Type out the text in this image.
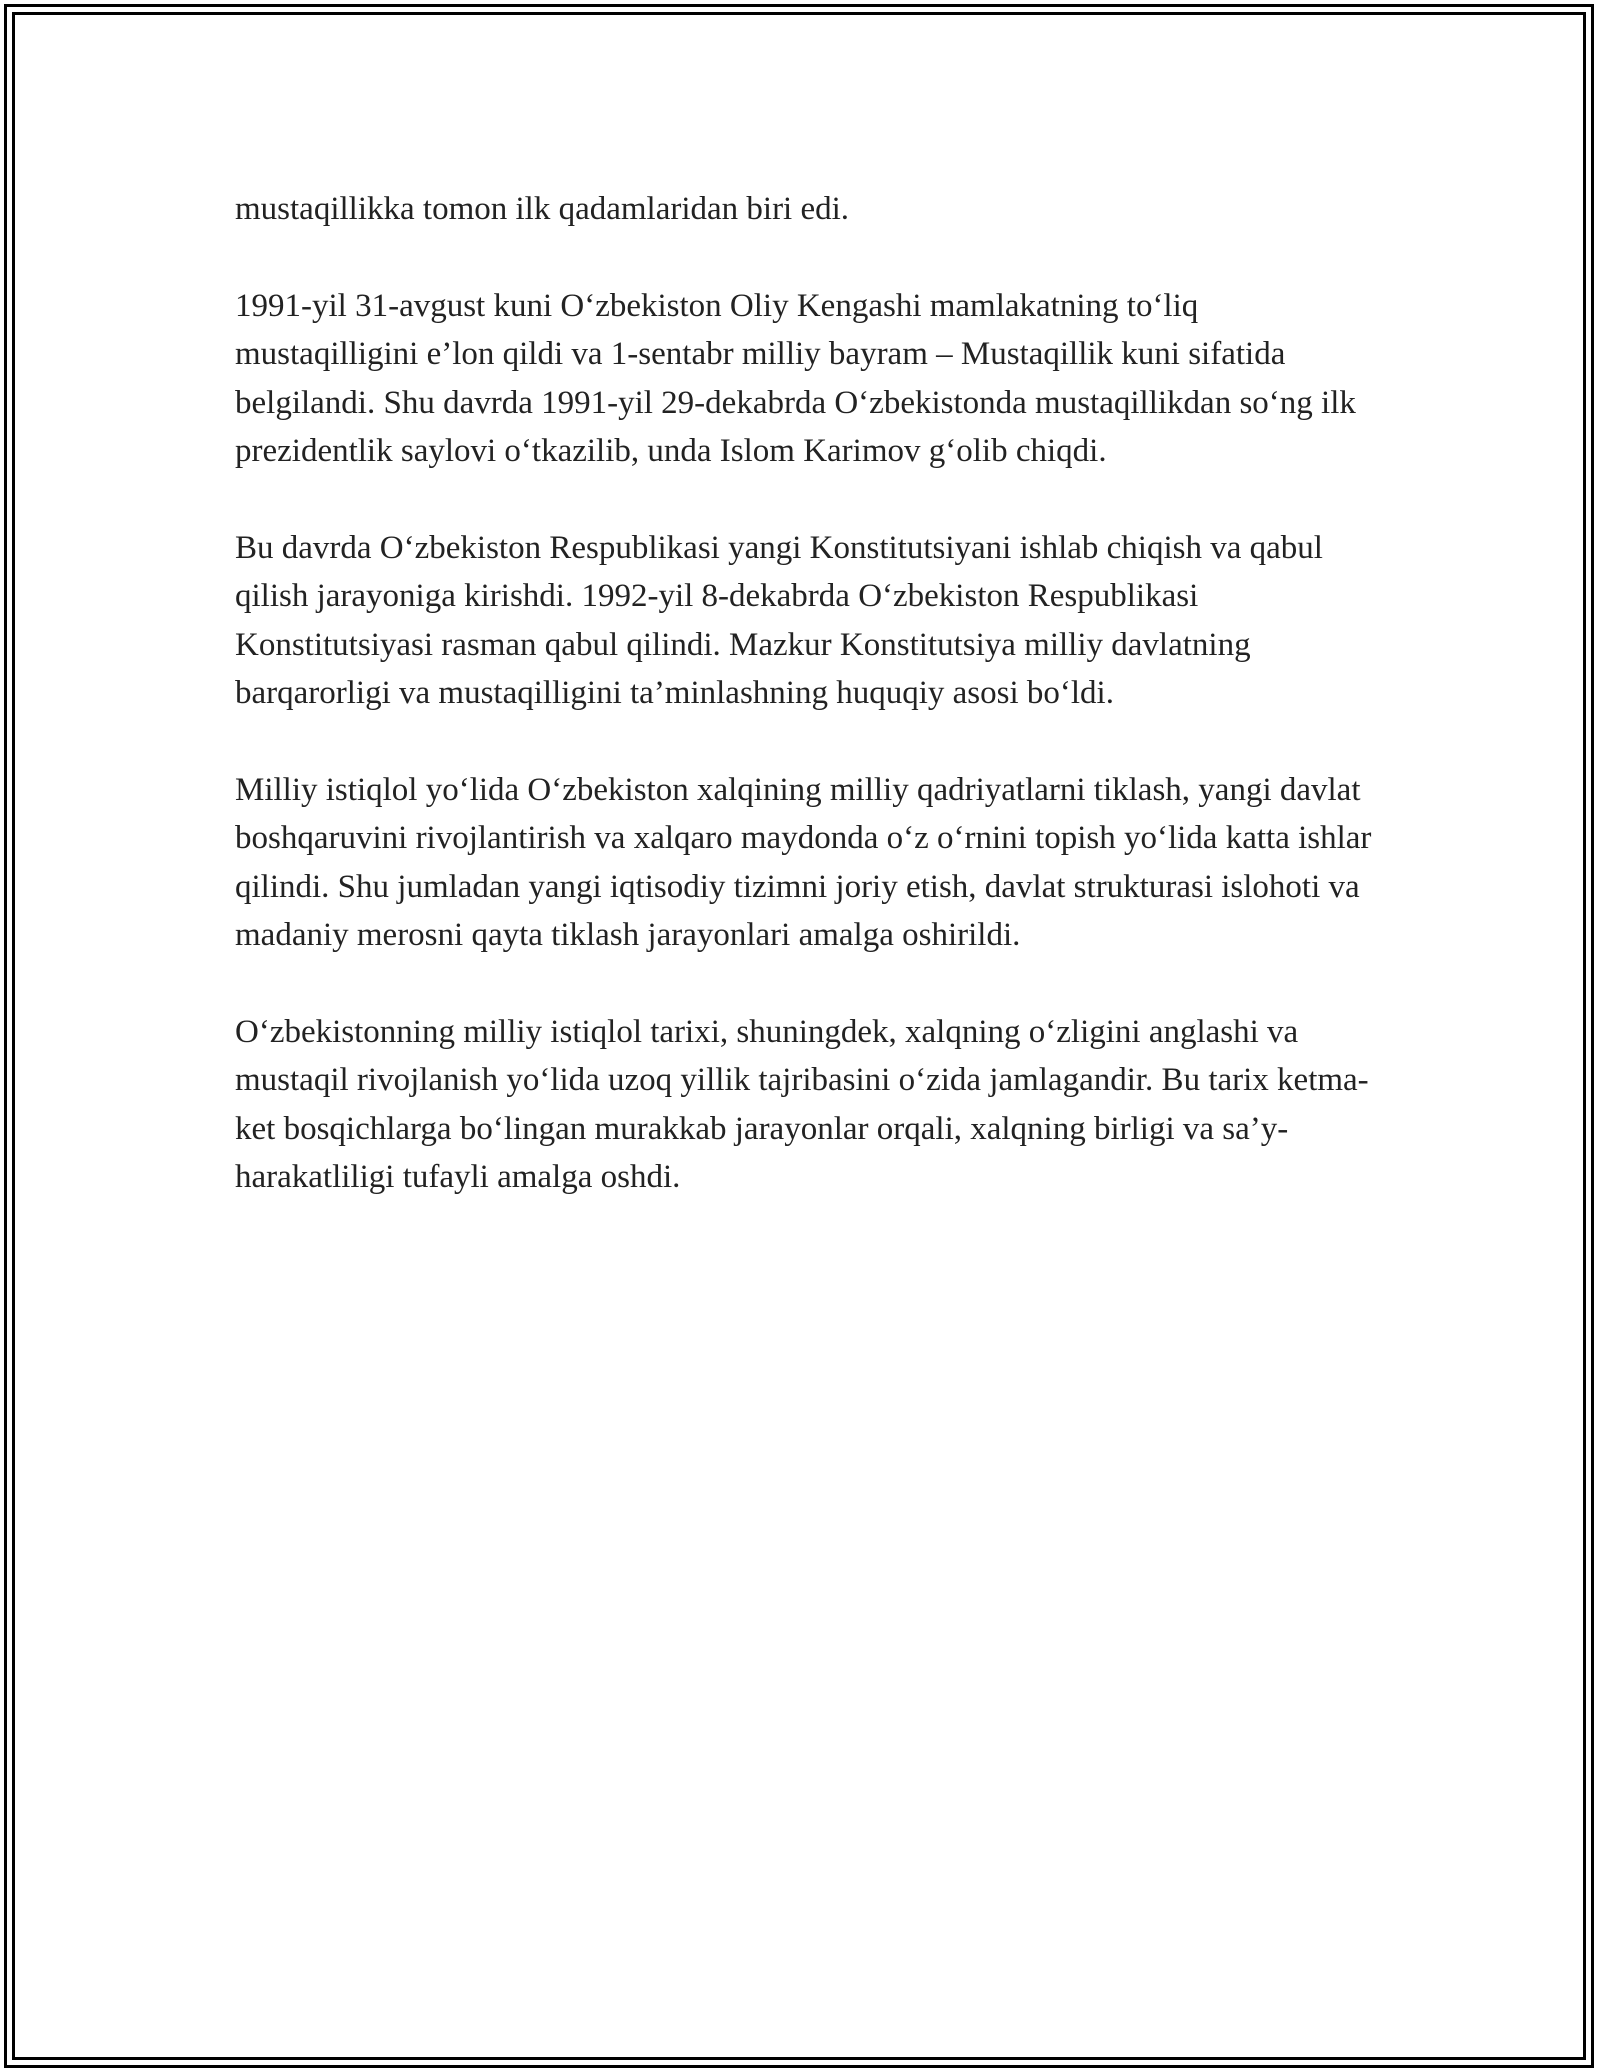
mustaqillikka tomon ilk qadamlaridan biri edi.

1991-yil 31-avgust kuni O‘zbekiston Oliy Kengashi mamlakatning to‘liq mustaqilligini e’lon qildi va 1-sentabr milliy bayram – Mustaqillik kuni sifatida belgilandi. Shu davrda 1991-yil 29-dekabrda O‘zbekistonda mustaqillikdan so‘ng ilk prezidentlik saylovi o‘tkazilib, unda Islom Karimov g‘olib chiqdi.

Bu davrda O‘zbekiston Respublikasi yangi Konstitutsiyani ishlab chiqish va qabul qilish jarayoniga kirishdi. 1992-yil 8-dekabrda O‘zbekiston Respublikasi Konstitutsiyasi rasman qabul qilindi. Mazkur Konstitutsiya milliy davlatning barqarorligi va mustaqilligini ta’minlashning huquqiy asosi bo‘ldi.

Milliy istiqlol yo‘lida O‘zbekiston xalqining milliy qadriyatlarni tiklash, yangi davlat boshqaruvini rivojlantirish va xalqaro maydonda o‘z o‘rnini topish yo‘lida katta ishlar qilindi. Shu jumladan yangi iqtisodiy tizimni joriy etish, davlat strukturasi islohoti va madaniy merosni qayta tiklash jarayonlari amalga oshirildi.

O‘zbekistonning milliy istiqlol tarixi, shuningdek, xalqning o‘zligini anglashi va mustaqil rivojlanish yo‘lida uzoq yillik tajribasini o‘zida jamlagandir. Bu tarix ketma-ket bosqichlarga bo‘lingan murakkab jarayonlar orqali, xalqning birligi va sa’y-harakatliligi tufayli amalga oshdi.
